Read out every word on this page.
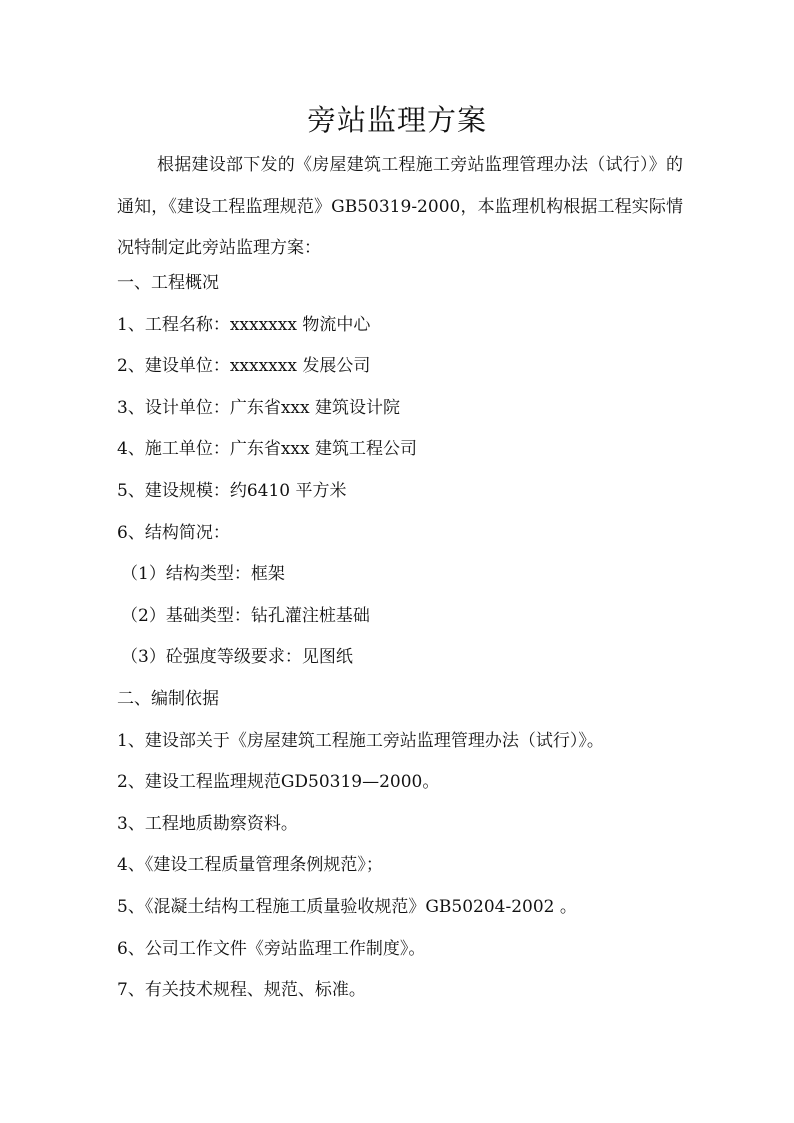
旁站监理方案
根据建设部下发的《房屋建筑工程施工旁站监理管理办法（试行）》的通知，《建设工程监理规范》GB50319-2000，本监理机构根据工程实际情况特制定此旁站监理方案：
一、工程概况
1、工程名称：xxxxxxx 物流中心
2、建设单位：xxxxxxx 发展公司
3、设计单位：广东省xxx 建筑设计院
4、施工单位：广东省xxx 建筑工程公司
5、建设规模：约6410 平方米
6、结构简况：
（1）结构类型：框架
（2）基础类型：钻孔灌注桩基础
（3）砼强度等级要求：见图纸
二、编制依据
1、建设部关于《房屋建筑工程施工旁站监理管理办法（试行）》。
2、建设工程监理规范GD50319—2000。
3、工程地质勘察资料。
4、《建设工程质量管理条例规范》；
5、《混凝土结构工程施工质量验收规范》GB50204-2002 。
6、公司工作文件《旁站监理工作制度》。
7、有关技术规程、规范、标准。
